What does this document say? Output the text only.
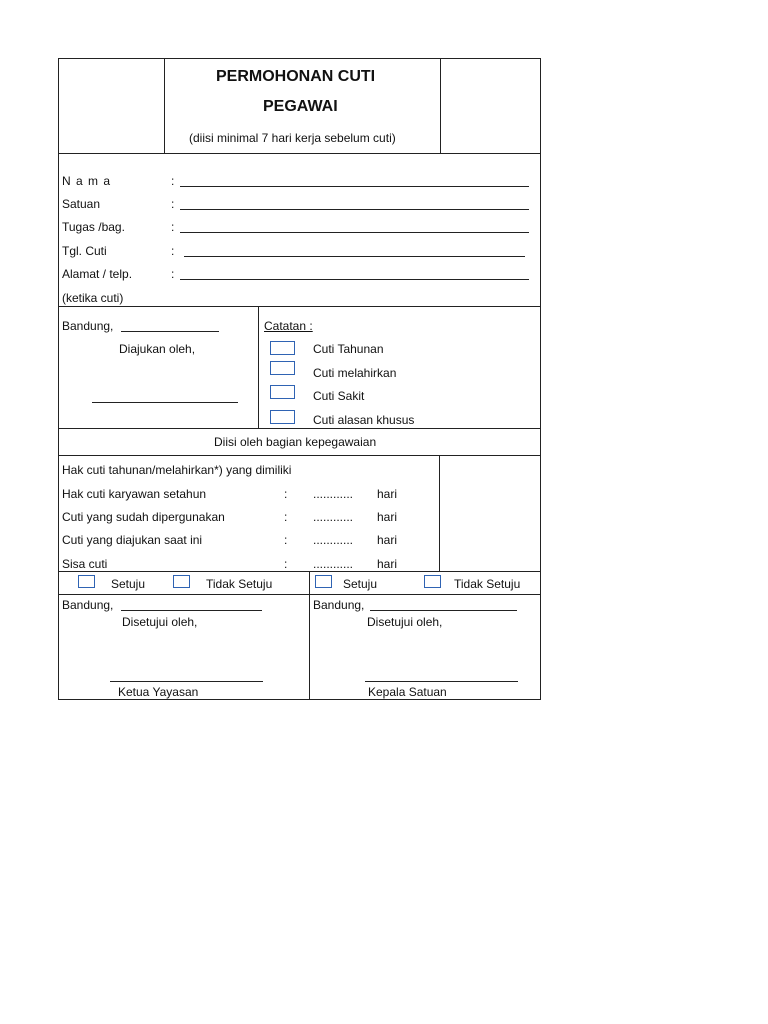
PERMOHONAN CUTI
PEGAWAI
(diisi minimal 7 hari kerja sebelum cuti)
N a m a	:
Satuan	:
Tugas /bag.	:
Tgl. Cuti	:
Alamat / telp.	:
(ketika cuti)
Bandung,
Diajukan oleh,
Catatan :
Cuti Tahunan
Cuti melahirkan
Cuti Sakit
Cuti alasan khusus
Diisi oleh bagian kepegawaian
Hak cuti tahunan/melahirkan*) yang dimiliki
Hak cuti karyawan setahun	: ............ hari
Cuti yang sudah dipergunakan	: ............ hari
Cuti yang diajukan saat ini	: ............ hari
Sisa cuti	: ............ hari
Setuju	Tidak Setuju	Setuju	Tidak Setuju
Bandung,
Disetujui oleh,
Ketua Yayasan
Bandung,
Disetujui oleh,
Kepala Satuan
